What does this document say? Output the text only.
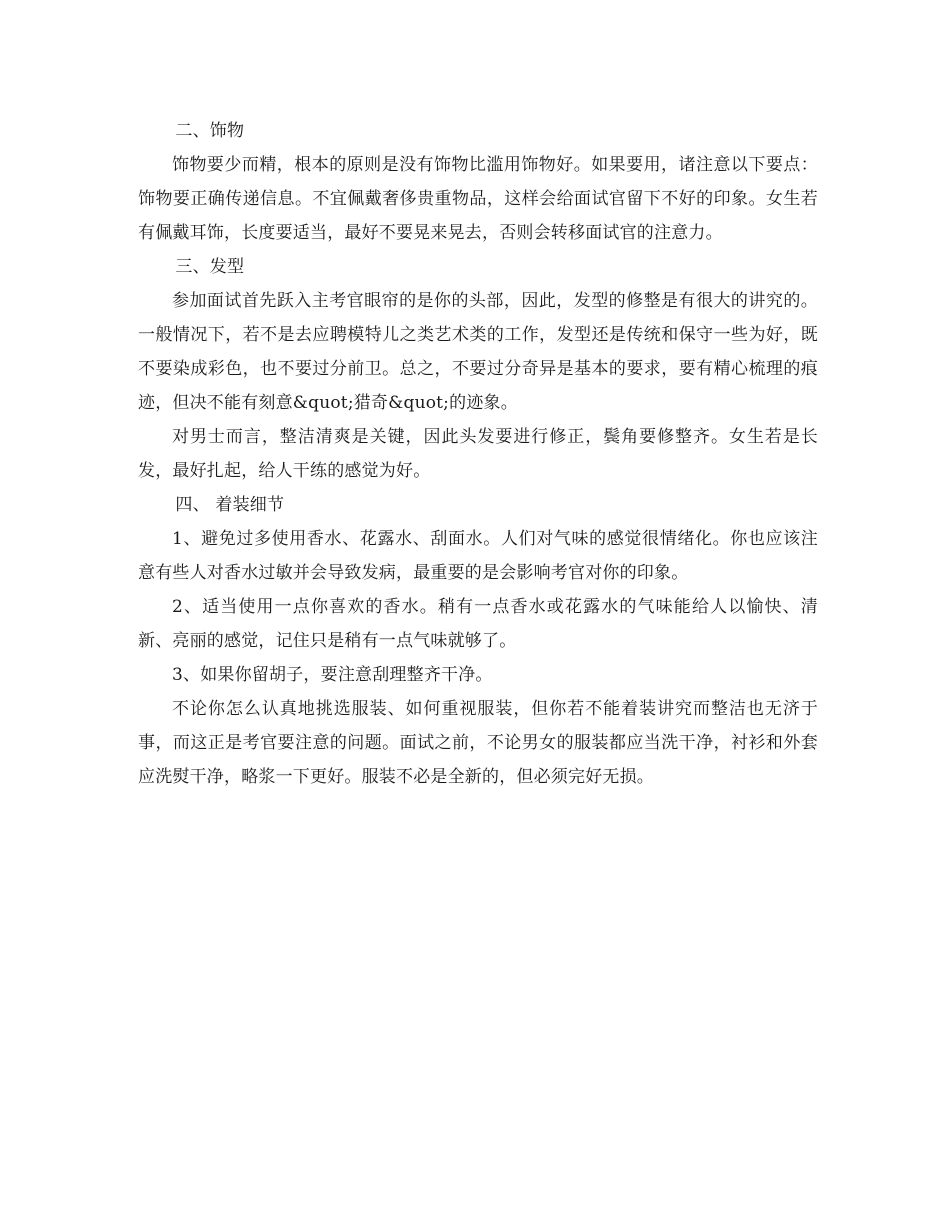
二、饰物

饰物要少而精，根本的原则是没有饰物比滥用饰物好。如果要用，诸注意以下要点：饰物要正确传递信息。不宜佩戴奢侈贵重物品，这样会给面试官留下不好的印象。女生若有佩戴耳饰，长度要适当，最好不要晃来晃去，否则会转移面试官的注意力。

三、发型

参加面试首先跃入主考官眼帘的是你的头部，因此，发型的修整是有很大的讲究的。一般情况下，若不是去应聘模特儿之类艺术类的工作，发型还是传统和保守一些为好，既不要染成彩色，也不要过分前卫。总之，不要过分奇异是基本的要求，要有精心梳理的痕迹，但决不能有刻意&quot;猎奇&quot;的迹象。

对男士而言，整洁清爽是关键，因此头发要进行修正，鬓角要修整齐。女生若是长发，最好扎起，给人干练的感觉为好。

四、 着装细节

1、避免过多使用香水、花露水、刮面水。人们对气味的感觉很情绪化。你也应该注意有些人对香水过敏并会导致发病，最重要的是会影响考官对你的印象。

2、适当使用一点你喜欢的香水。稍有一点香水或花露水的气味能给人以愉快、清新、亮丽的感觉，记住只是稍有一点气味就够了。

3、如果你留胡子，要注意刮理整齐干净。

不论你怎么认真地挑选服装、如何重视服装，但你若不能着装讲究而整洁也无济于事，而这正是考官要注意的问题。面试之前，不论男女的服装都应当洗干净，衬衫和外套应洗熨干净，略浆一下更好。服装不必是全新的，但必须完好无损。
